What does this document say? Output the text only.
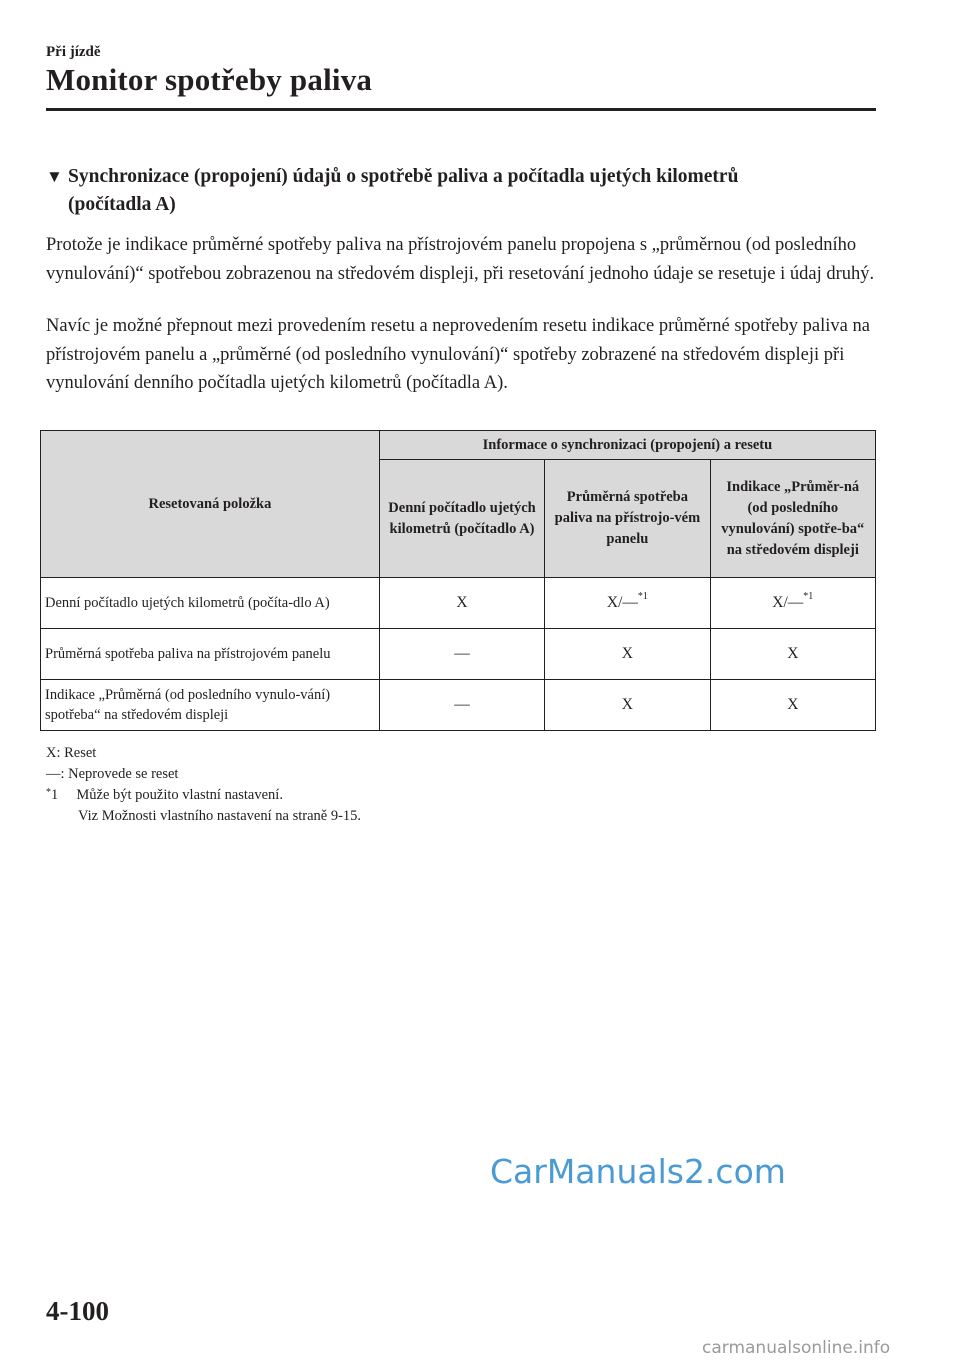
Při jízdě
Monitor spotřeby paliva
▼ Synchronizace (propojení) údajů o spotřebě paliva a počítadla ujetých kilometrů
(počítadla A)

Protože je indikace průměrné spotřeby paliva na přístrojovém panelu propojena s „průměrnou (od posledního vynulování)“ spotřebou zobrazenou na středovém displeji, při resetování jednoho údaje se resetuje i údaj druhý.

Navíc je možné přepnout mezi provedením resetu a neprovedením resetu indikace průměrné spotřeby paliva na přístrojovém panelu a „průměrné (od posledního vynulování)“ spotřeby zobrazené na středovém displeji při vynulování denního počítadla ujetých kilometrů (počítadla A).

Resetovaná položka	Informace o synchronizaci (propojení) a resetu		
	Denní počítadlo ujetých kilometrů (počítadlo A)	Průměrná spotřeba paliva na přístrojo-vém panelu	Indikace „Průměr-ná (od posledního vynulování) spotře-ba“ na středovém displeji
Denní počítadlo ujetých kilometrů (počíta-dlo A)	X	X/—$^{*1}$	X/—$^{*1}$
Průměrná spotřeba paliva na přístrojovém panelu	—	X	X
Indikace „Průměrná (od posledního vynulo-vání) spotřeba“ na středovém displeji	—	X	X
X: Reset
—: Neprovede se reset
*1 Může být použito vlastní nastavení.
Viz Možnosti vlastního nastavení na straně 9-15.
CarManuals2.com
4-100
carmanualsonline.info
